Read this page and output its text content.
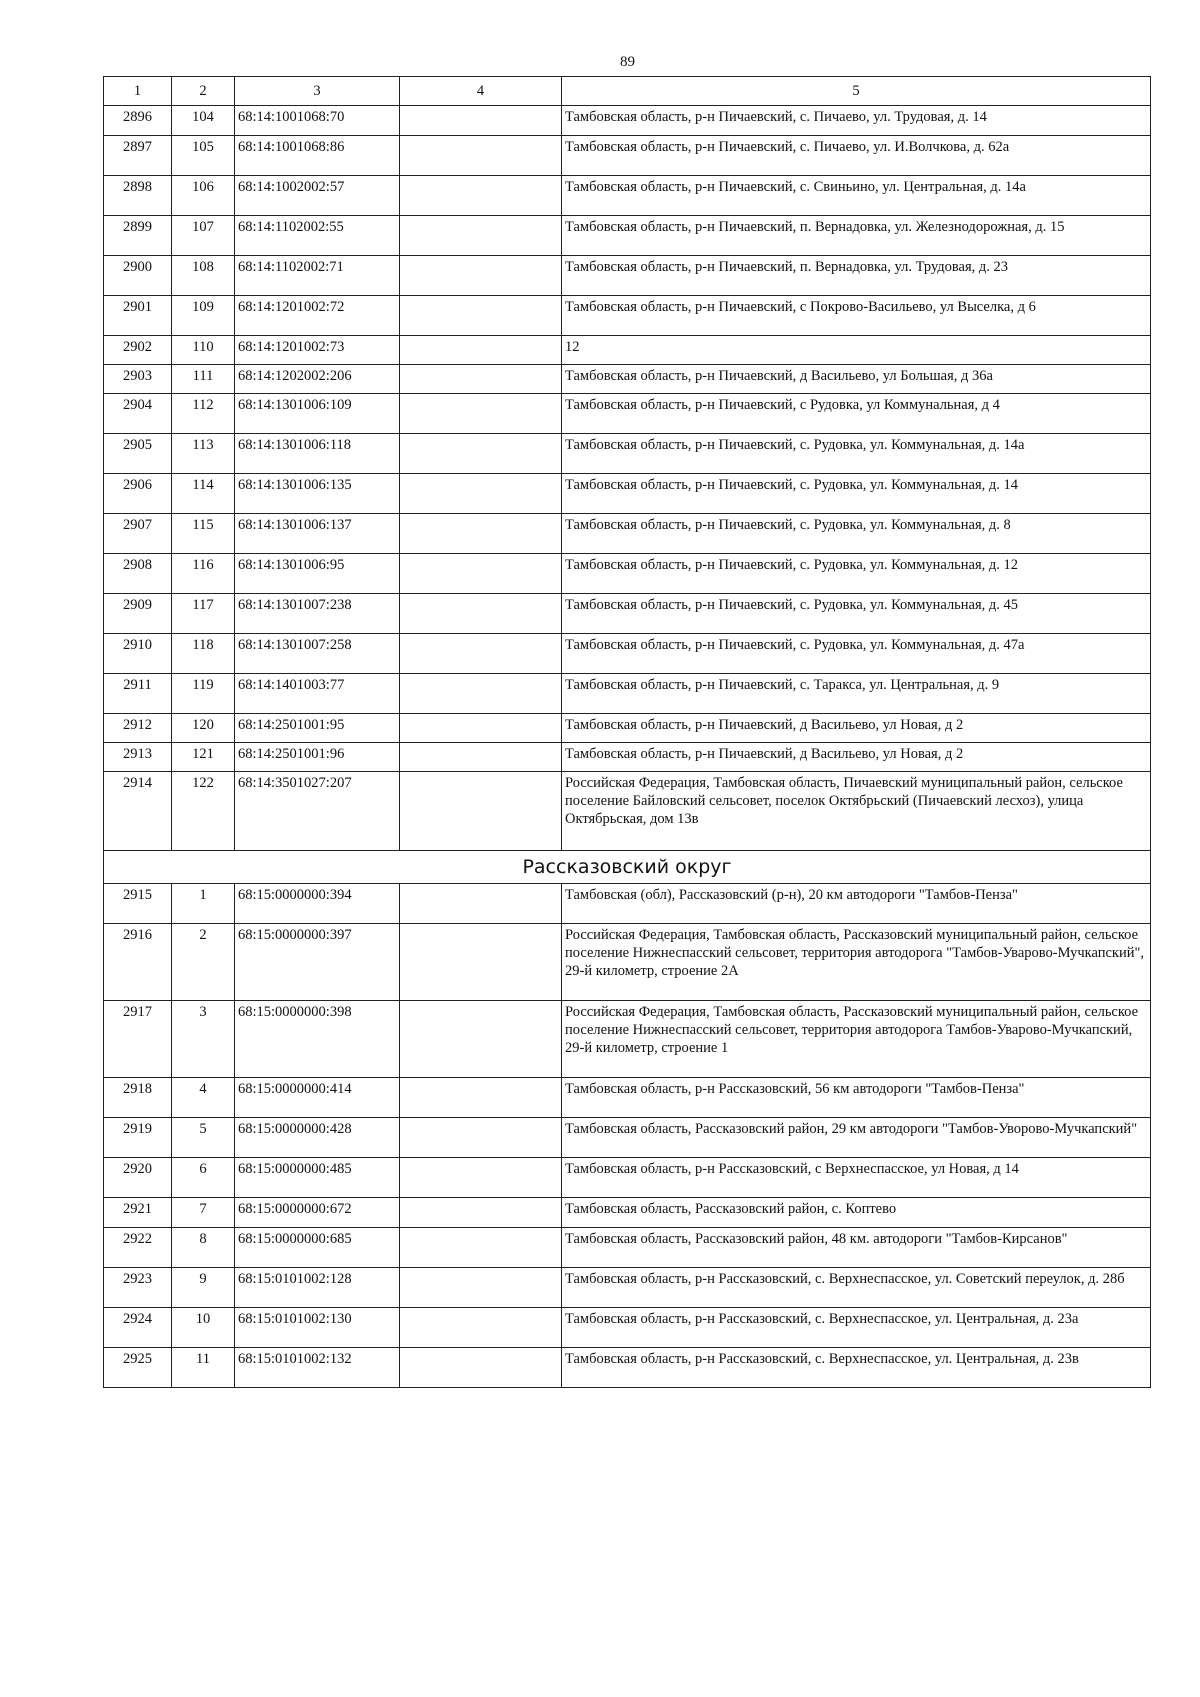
89
1	2	3	4	5
2896	104	68:14:1001068:70		Тамбовская область, р-н Пичаевский, с. Пичаево, ул. Трудовая, д. 14
2897	105	68:14:1001068:86		Тамбовская область, р-н Пичаевский, с. Пичаево, ул. И.Волчкова, д. 62а
2898	106	68:14:1002002:57		Тамбовская область, р-н Пичаевский, с. Свиньино, ул. Центральная, д. 14а
2899	107	68:14:1102002:55		Тамбовская область, р-н Пичаевский, п. Вернадовка, ул. Железнодорожная, д. 15
2900	108	68:14:1102002:71		Тамбовская область, р-н Пичаевский, п. Вернадовка, ул. Трудовая, д. 23
2901	109	68:14:1201002:72		Тамбовская область, р-н Пичаевский, с Покрово-Васильево, ул Выселка, д 6
2902	110	68:14:1201002:73		12
2903	111	68:14:1202002:206		Тамбовская область, р-н Пичаевский, д Васильево, ул Большая, д 36а
2904	112	68:14:1301006:109		Тамбовская область, р-н Пичаевский, с Рудовка, ул Коммунальная, д 4
2905	113	68:14:1301006:118		Тамбовская область, р-н Пичаевский, с. Рудовка, ул. Коммунальная, д. 14а
2906	114	68:14:1301006:135		Тамбовская область, р-н Пичаевский, с. Рудовка, ул. Коммунальная, д. 14
2907	115	68:14:1301006:137		Тамбовская область, р-н Пичаевский, с. Рудовка, ул. Коммунальная, д. 8
2908	116	68:14:1301006:95		Тамбовская область, р-н Пичаевский, с. Рудовка, ул. Коммунальная, д. 12
2909	117	68:14:1301007:238		Тамбовская область, р-н Пичаевский, с. Рудовка, ул. Коммунальная, д. 45
2910	118	68:14:1301007:258		Тамбовская область, р-н Пичаевский, с. Рудовка, ул. Коммунальная, д. 47а
2911	119	68:14:1401003:77		Тамбовская область, р-н Пичаевский, с. Таракса, ул. Центральная, д. 9
2912	120	68:14:2501001:95		Тамбовская область, р-н Пичаевский, д Васильево, ул Новая, д 2
2913	121	68:14:2501001:96		Тамбовская область, р-н Пичаевский, д Васильево, ул Новая, д 2
2914	122	68:14:3501027:207		Российская Федерация, Тамбовская область, Пичаевский муниципальный район, сельское поселение Байловский сельсовет, поселок Октябрьский (Пичаевский лесхоз), улица Октябрьская, дом 13в
Рассказовский округ				
2915	1	68:15:0000000:394		Тамбовская (обл), Рассказовский (р-н), 20 км автодороги "Тамбов-Пенза"
2916	2	68:15:0000000:397		Российская Федерация, Тамбовская область, Рассказовский муниципальный район, сельское поселение Нижнеспасский сельсовет, территория автодорога "Тамбов-Уварово-Мучкапский", 29-й километр, строение 2А
2917	3	68:15:0000000:398		Российская Федерация, Тамбовская область, Рассказовский муниципальный район, сельское поселение Нижнеспасский сельсовет, территория автодорога Тамбов-Уварово-Мучкапский, 29-й километр, строение 1
2918	4	68:15:0000000:414		Тамбовская область, р-н Рассказовский, 56 км автодороги "Тамбов-Пенза"
2919	5	68:15:0000000:428		Тамбовская область, Рассказовский район, 29 км автодороги "Тамбов-Уворово-Мучкапский"
2920	6	68:15:0000000:485		Тамбовская область, р-н Рассказовский, с Верхнеспасское, ул Новая, д 14
2921	7	68:15:0000000:672		Тамбовская область, Рассказовский район, с. Коптево
2922	8	68:15:0000000:685		Тамбовская область, Рассказовский район, 48 км. автодороги "Тамбов-Кирсанов"
2923	9	68:15:0101002:128		Тамбовская область, р-н Рассказовский, с. Верхнеспасское, ул. Советский переулок, д. 28б
2924	10	68:15:0101002:130		Тамбовская область, р-н Рассказовский, с. Верхнеспасское, ул. Центральная, д. 23а
2925	11	68:15:0101002:132		Тамбовская область, р-н Рассказовский, с. Верхнеспасское, ул. Центральная, д. 23в
